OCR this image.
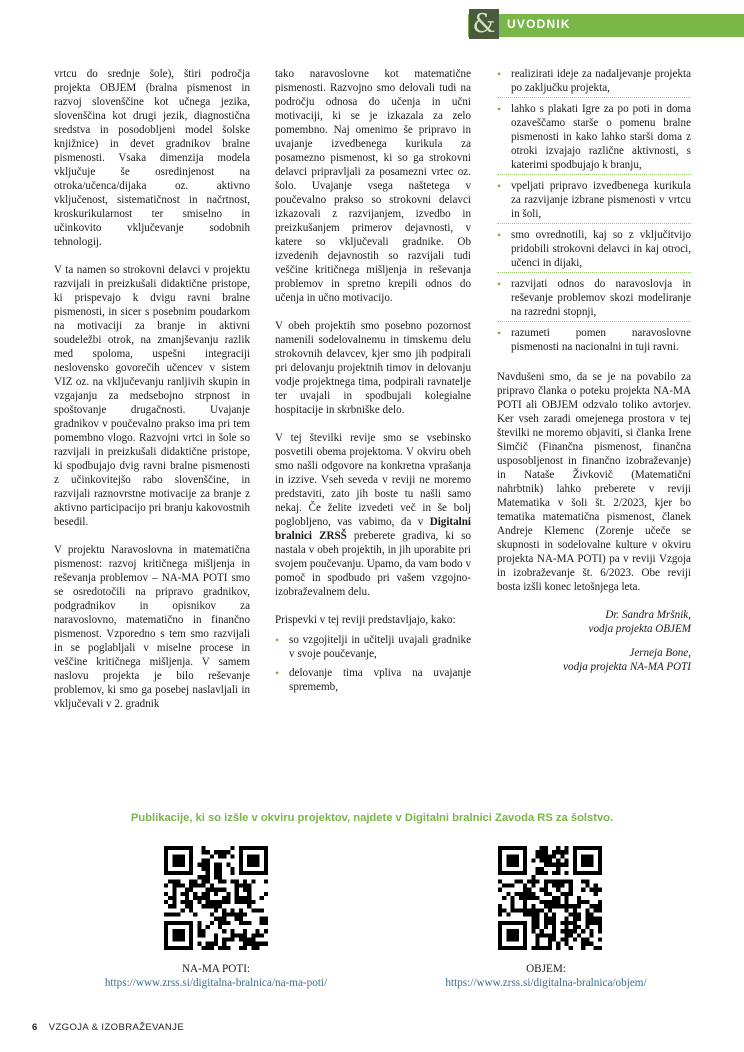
& UVODNIK

vrtcu do srednje šole), štiri področja projekta OBJEM (bralna pismenost in razvoj slovenščine kot učnega jezika, slovenščina kot drugi jezik, diagnostična sredstva in posodobljeni model šolske knjižnice) in devet gradnikov bralne pismenosti. Vsaka dimenzija modela vključuje še osredinjenost na otroka/učenca/dijaka oz. aktivno vključenost, sistematičnost in načrtnost, kroskurikularnost ter smiselno in učinkovito vključevanje sodobnih tehnologij.

V ta namen so strokovni delavci v projektu razvijali in preizkušali didaktične pristope, ki prispevajo k dvigu ravni bralne pismenosti, in sicer s posebnim poudarkom na motivaciji za branje in aktivni soudeležbi otrok, na zmanjševanju razlik med spoloma, uspešni integraciji neslovensko govorečih učencev v sistem VIZ oz. na vključevanju ranljivih skupin in vzgajanju za medsebojno strpnost in spoštovanje drugačnosti. Uvajanje gradnikov v poučevalno prakso ima pri tem pomembno vlogo. Razvojni vrtci in šole so razvijali in preizkušali didaktične pristope, ki spodbujajo dvig ravni bralne pismenosti z učinkovitejšo rabo slovenščine, in razvijali raznovrstne motivacije za branje z aktivno participacijo pri branju kakovostnih besedil.

V projektu Naravoslovna in matematična pismenost: razvoj kritičnega mišljenja in reševanja problemov – NA-MA POTI smo se osredotočili na pripravo gradnikov, podgradnikov in opisnikov za naravoslovno, matematično in finančno pismenost. Vzporedno s tem smo razvijali in se poglabljali v miselne procese in veščine kritičnega mišljenja. V samem naslovu projekta je bilo reševanje problemov, ki smo ga posebej naslavljali in vključevali v 2. gradnik

tako naravoslovne kot matematične pismenosti. Razvojno smo delovali tudi na področju odnosa do učenja in učni motivaciji, ki se je izkazala za zelo pomembno. Naj omenimo še pripravo in uvajanje izvedbenega kurikula za posamezno pismenost, ki so ga strokovni delavci pripravljali za posamezni vrtec oz. šolo. Uvajanje vsega naštetega v poučevalno prakso so strokovni delavci izkazovali z razvijanjem, izvedbo in preizkušanjem primerov dejavnosti, v katere so vključevali gradnike. Ob izvedenih dejavnostih so razvijali tudi veščine kritičnega mišljenja in reševanja problemov in spretno krepili odnos do učenja in učno motivacijo.

V obeh projektih smo posebno pozornost namenili sodelovalnemu in timskemu delu strokovnih delavcev, kjer smo jih podpirali pri delovanju projektnih timov in delovanju vodje projektnega tima, podpirali ravnatelje ter uvajali in spodbujali kolegialne hospitacije in skrbniške delo.

V tej številki revije smo se vsebinsko posvetili obema projektoma. V okviru obeh smo našli odgovore na konkretna vprašanja in izzive. Vseh seveda v reviji ne moremo predstaviti, zato jih boste tu našli samo nekaj. Če želite izvedeti več in še bolj poglobljeno, vas vabimo, da v Digitalni bralnici ZRSŠ preberete gradiva, ki so nastala v obeh projektih, in jih uporabite pri svojem poučevanju. Upamo, da vam bodo v pomoč in spodbudo pri vašem vzgojno-izobraževalnem delu.

Prispevki v tej reviji predstavljajo, kako:

• so vzgojitelji in učitelji uvajali gradnike v svoje poučevanje,
• delovanje tima vpliva na uvajanje sprememb,
• realizirati ideje za nadaljevanje projekta po zaključku projekta,
• lahko s plakati Igre za po poti in doma ozaveščamo starše o pomenu bralne pismenosti in kako lahko starši doma z otroki izvajajo različne aktivnosti, s katerimi spodbujajo k branju,
• vpeljati pripravo izvedbenega kurikula za razvijanje izbrane pismenosti v vrtcu in šoli,
• smo ovrednotili, kaj so z vključitvijo pridobili strokovni delavci in kaj otroci, učenci in dijaki,
• razvijati odnos do naravoslovja in reševanje problemov skozi modeliranje na razredni stopnji,
• razumeti pomen naravoslovne pismenosti na nacionalni in tuji ravni.

Navdušeni smo, da se je na povabilo za pripravo članka o poteku projekta NA-MA POTI ali OBJEM odzvalo toliko avtorjev. Ker vseh zaradi omejenega prostora v tej številki ne moremo objaviti, si članka Irene Simčič (Finančna pismenost, finančna usposobljenost in finančno izobraževanje) in Nataše Živkovič (Matematični nahrbtnik) lahko preberete v reviji Matematika v šoli št. 2/2023, kjer bo tematika matematična pismenost, članek Andreje Klemenc (Zorenje učeče se skupnosti in sodelovalne kulture v okviru projekta NA-MA POTI) pa v reviji Vzgoja in izobraževanje št. 6/2023. Obe reviji bosta izšli konec letošnjega leta.

Dr. Sandra Mršnik,
vodja projekta OBJEM
Jerneja Bone,
vodja projekta NA-MA POTI
Publikacije, ki so izšle v okviru projektov, najdete v Digitalni bralnici Zavoda RS za šolstvo.
NA-MA POTI:
https://www.zrss.si/digitalna-bralnica/na-ma-poti/
OBJEM:
https://www.zrss.si/digitalna-bralnica/objem/
6 VZGOJA & IZOBRAŽEVANJE
